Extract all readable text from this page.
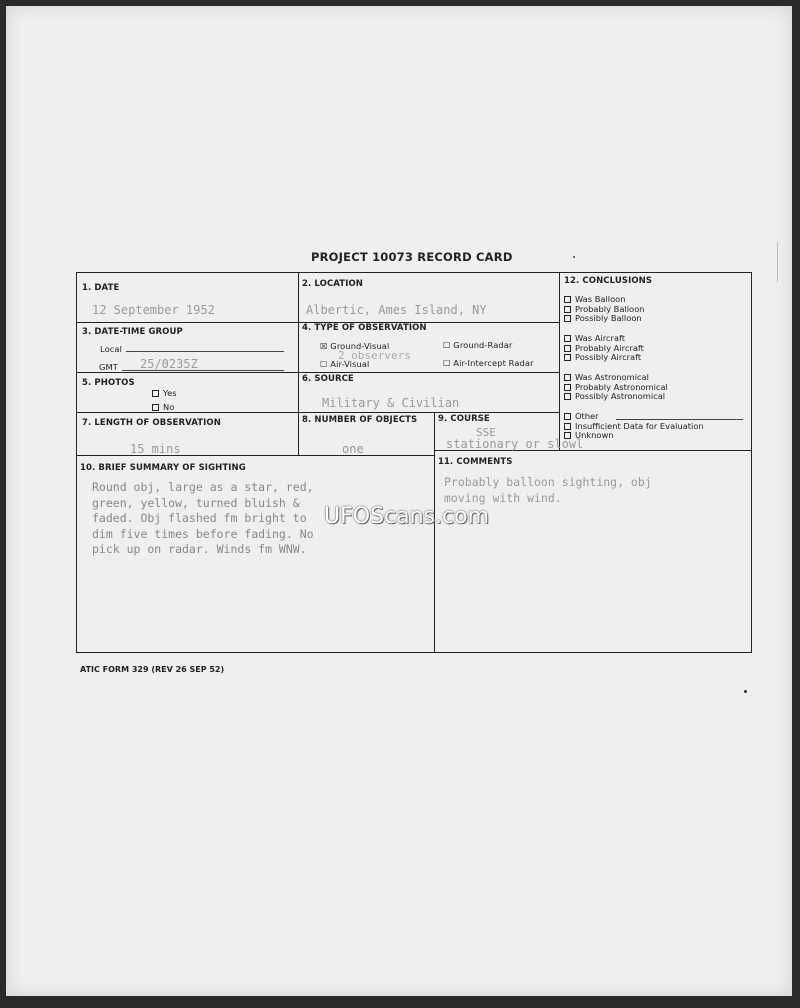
PROJECT 10073 RECORD CARD
1. DATE
12 September 1952
2. LOCATION
Albertic, Ames Island, NY
3. DATE-TIME GROUP
Local
GMT 25/0235Z
4. TYPE OF OBSERVATION
☒ Ground-Visual	☐ Ground-Radar
☐ Air-Visual	☐ Air-Intercept Radar
2 observers
5. PHOTOS
Yes
No
6. SOURCE
Military & Civilian
7. LENGTH OF OBSERVATION
15 mins
8. NUMBER OF OBJECTS
one
9. COURSE
SSE
stationary or slowl
10. BRIEF SUMMARY OF SIGHTING
Round obj, large as a star, red,
green, yellow, turned bluish &
faded. Obj flashed fm bright to
dim five times before fading. No
pick up on radar. Winds fm WNW.
11. COMMENTS
Probably balloon sighting, obj
moving with wind.
12. CONCLUSIONS
Was Balloon
Probably Balloon
Possibly Balloon
Was Aircraft
Probably Aircraft
Possibly Aircraft
Was Astronomical
Probably Astronomical
Possibly Astronomical
Other
Insufficient Data for Evaluation
Unknown
UFOScans.com
ATIC FORM 329 (REV 26 SEP 52)
